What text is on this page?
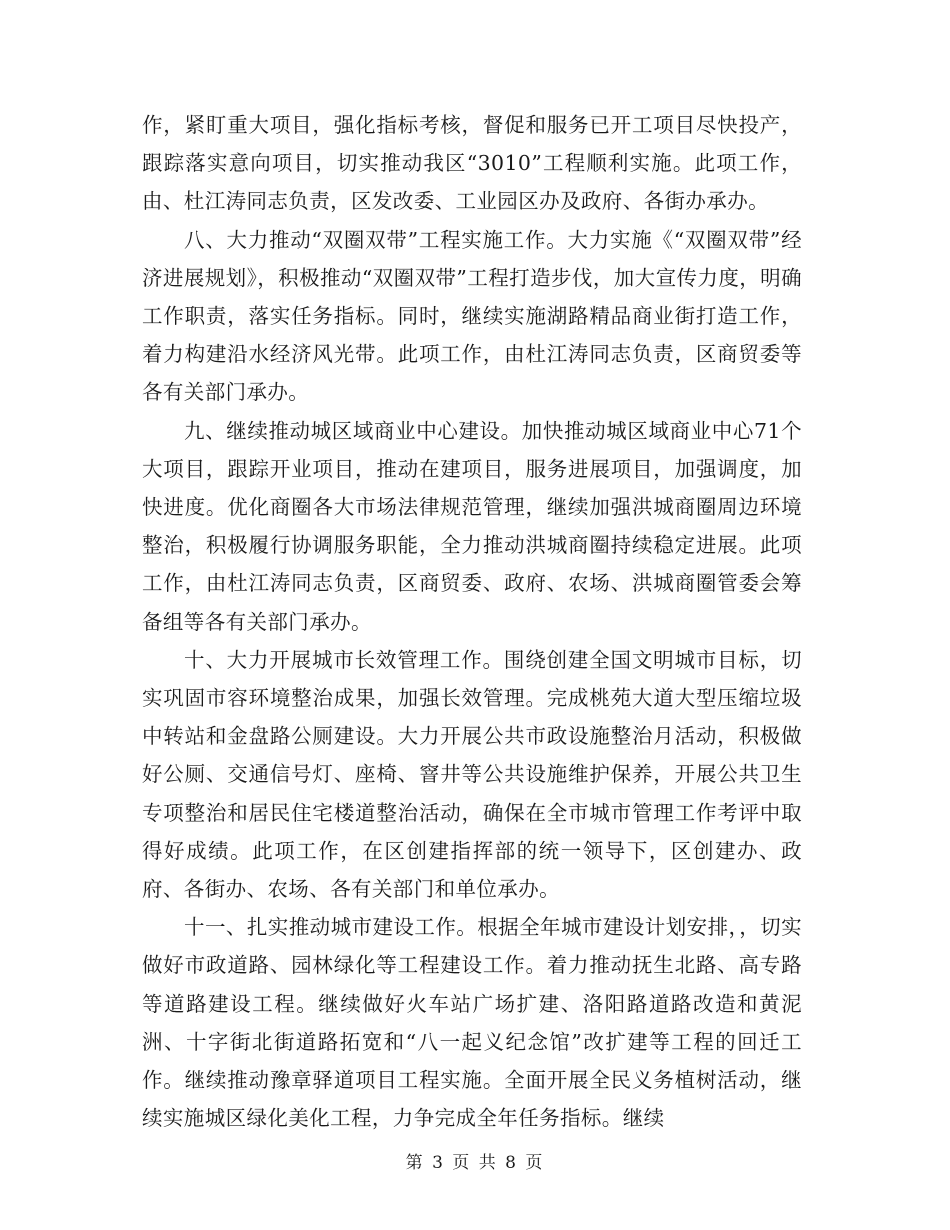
作，紧盯重大项目，强化指标考核，督促和服务已开工项目尽快投产，跟踪落实意向项目，切实推动我区“3010”工程顺利实施。此项工作，由、杜江涛同志负责，区发改委、工业园区办及政府、各街办承办。

八、大力推动“双圈双带”工程实施工作。大力实施《“双圈双带”经济进展规划》，积极推动“双圈双带”工程打造步伐，加大宣传力度，明确工作职责，落实任务指标。同时，继续实施湖路精品商业街打造工作，着力构建沿水经济风光带。此项工作，由杜江涛同志负责，区商贸委等各有关部门承办。

九、继续推动城区域商业中心建设。加快推动城区域商业中心71个大项目，跟踪开业项目，推动在建项目，服务进展项目，加强调度，加快进度。优化商圈各大市场法律规范管理，继续加强洪城商圈周边环境整治，积极履行协调服务职能，全力推动洪城商圈持续稳定进展。此项工作，由杜江涛同志负责，区商贸委、政府、农场、洪城商圈管委会筹备组等各有关部门承办。

十、大力开展城市长效管理工作。围绕创建全国文明城市目标，切实巩固市容环境整治成果，加强长效管理。完成桃苑大道大型压缩垃圾中转站和金盘路公厕建设。大力开展公共市政设施整治月活动，积极做好公厕、交通信号灯、座椅、窨井等公共设施维护保养，开展公共卫生专项整治和居民住宅楼道整治活动，确保在全市城市管理工作考评中取得好成绩。此项工作，在区创建指挥部的统一领导下，区创建办、政府、各街办、农场、各有关部门和单位承办。

十一、扎实推动城市建设工作。根据全年城市建设计划安排，，切实做好市政道路、园林绿化等工程建设工作。着力推动抚生北路、高专路等道路建设工程。继续做好火车站广场扩建、洛阳路道路改造和黄泥洲、十字街北街道路拓宽和“八一起义纪念馆”改扩建等工程的回迁工作。继续推动豫章驿道项目工程实施。全面开展全民义务植树活动，继续实施城区绿化美化工程，力争完成全年任务指标。继续

第 3 页 共 8 页
